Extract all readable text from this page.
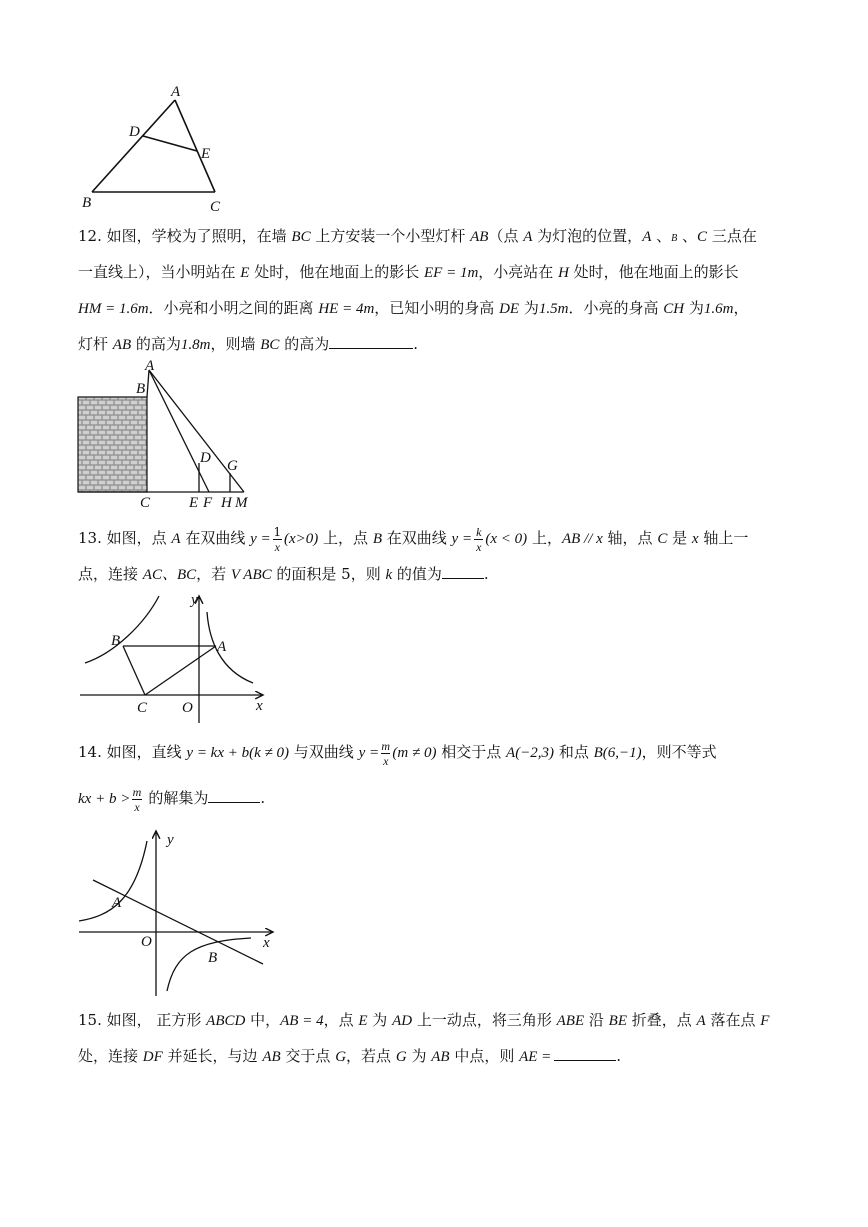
A
B	C
D
E
12. 如图，学校为了照明，在墙 BC 上方安装一个小型灯杆 AB（点 A 为灯泡的位置，A 、B 、C 三点在
一直线上），当小明站在 E 处时，他在地面上的影长 EF = 1m，小亮站在 H 处时，他在地面上的影长
HM = 1.6m．小亮和小明之间的距离 HE = 4m，已知小明的身高 DE 为1.5m．小亮的身高 CH 为1.6m，
灯杆 AB 的高为1.8m，则墙 BC 的高为	.
A
B
C
D
E F
G
H M
13. 如图，点 A 在双曲线 $y = \frac{1}{x} (x>0)$ 上，点 B 在双曲线 $y = \frac{k}{x} (x < 0)$ 上，AB // x 轴，点 C 是 x 轴上一
点，连接 AC、BC，若 V ABC 的面积是 5，则 k 的值为	.
y
x
B	A
C O
14. 如图，直线 y = kx + b(k ≠ 0) 与双曲线 $y = \frac{m}{x} (m \ne 0)$ 相交于点 A(−2,3) 和点 B(6,−1)，则不等式
kx + $b > \frac{m}{x}$ 的解集为	.
y
x
A
O
B
15. 如图， 正方形 ABCD 中，AB = 4，点 E 为 AD 上一动点，将三角形 ABE 沿 BE 折叠，点 A 落在点 F
处，连接 DF 并延长，与边 AB 交于点 G，若点 G 为 AB 中点，则 AE =	.
